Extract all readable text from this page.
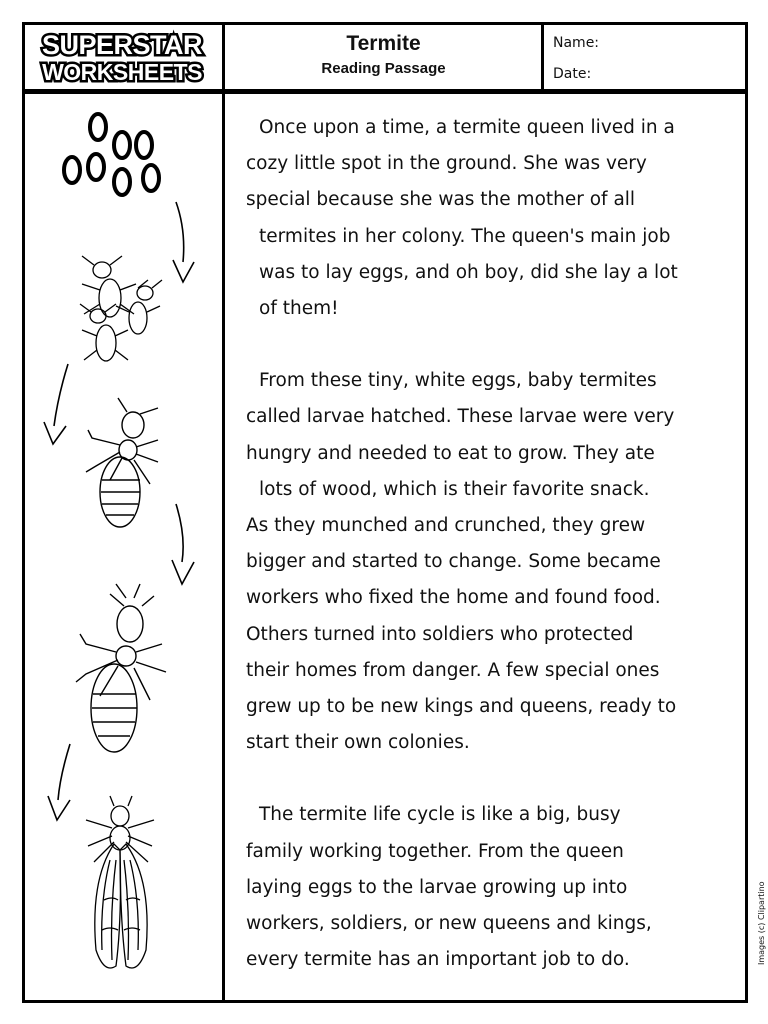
SUPERSTAR
WORKSHEETS
Termite
Reading Passage
Name:
Date:

Once upon a time, a termite queen lived in a
cozy little spot in the ground. She was very
special because she was the mother of all
termites in her colony. The queen's main job
was to lay eggs, and oh boy, did she lay a lot
of them!

From these tiny, white eggs, baby termites
called larvae hatched. These larvae were very
hungry and needed to eat to grow. They ate
lots of wood, which is their favorite snack.
As they munched and crunched, they grew
bigger and started to change. Some became
workers who fixed the home and found food.
Others turned into soldiers who protected
their homes from danger. A few special ones
grew up to be new kings and queens, ready to
start their own colonies.

The termite life cycle is like a big, busy
family working together. From the queen
laying eggs to the larvae growing up into
workers, soldiers, or new queens and kings,
every termite has an important job to do.	Images (c) Clipartino
